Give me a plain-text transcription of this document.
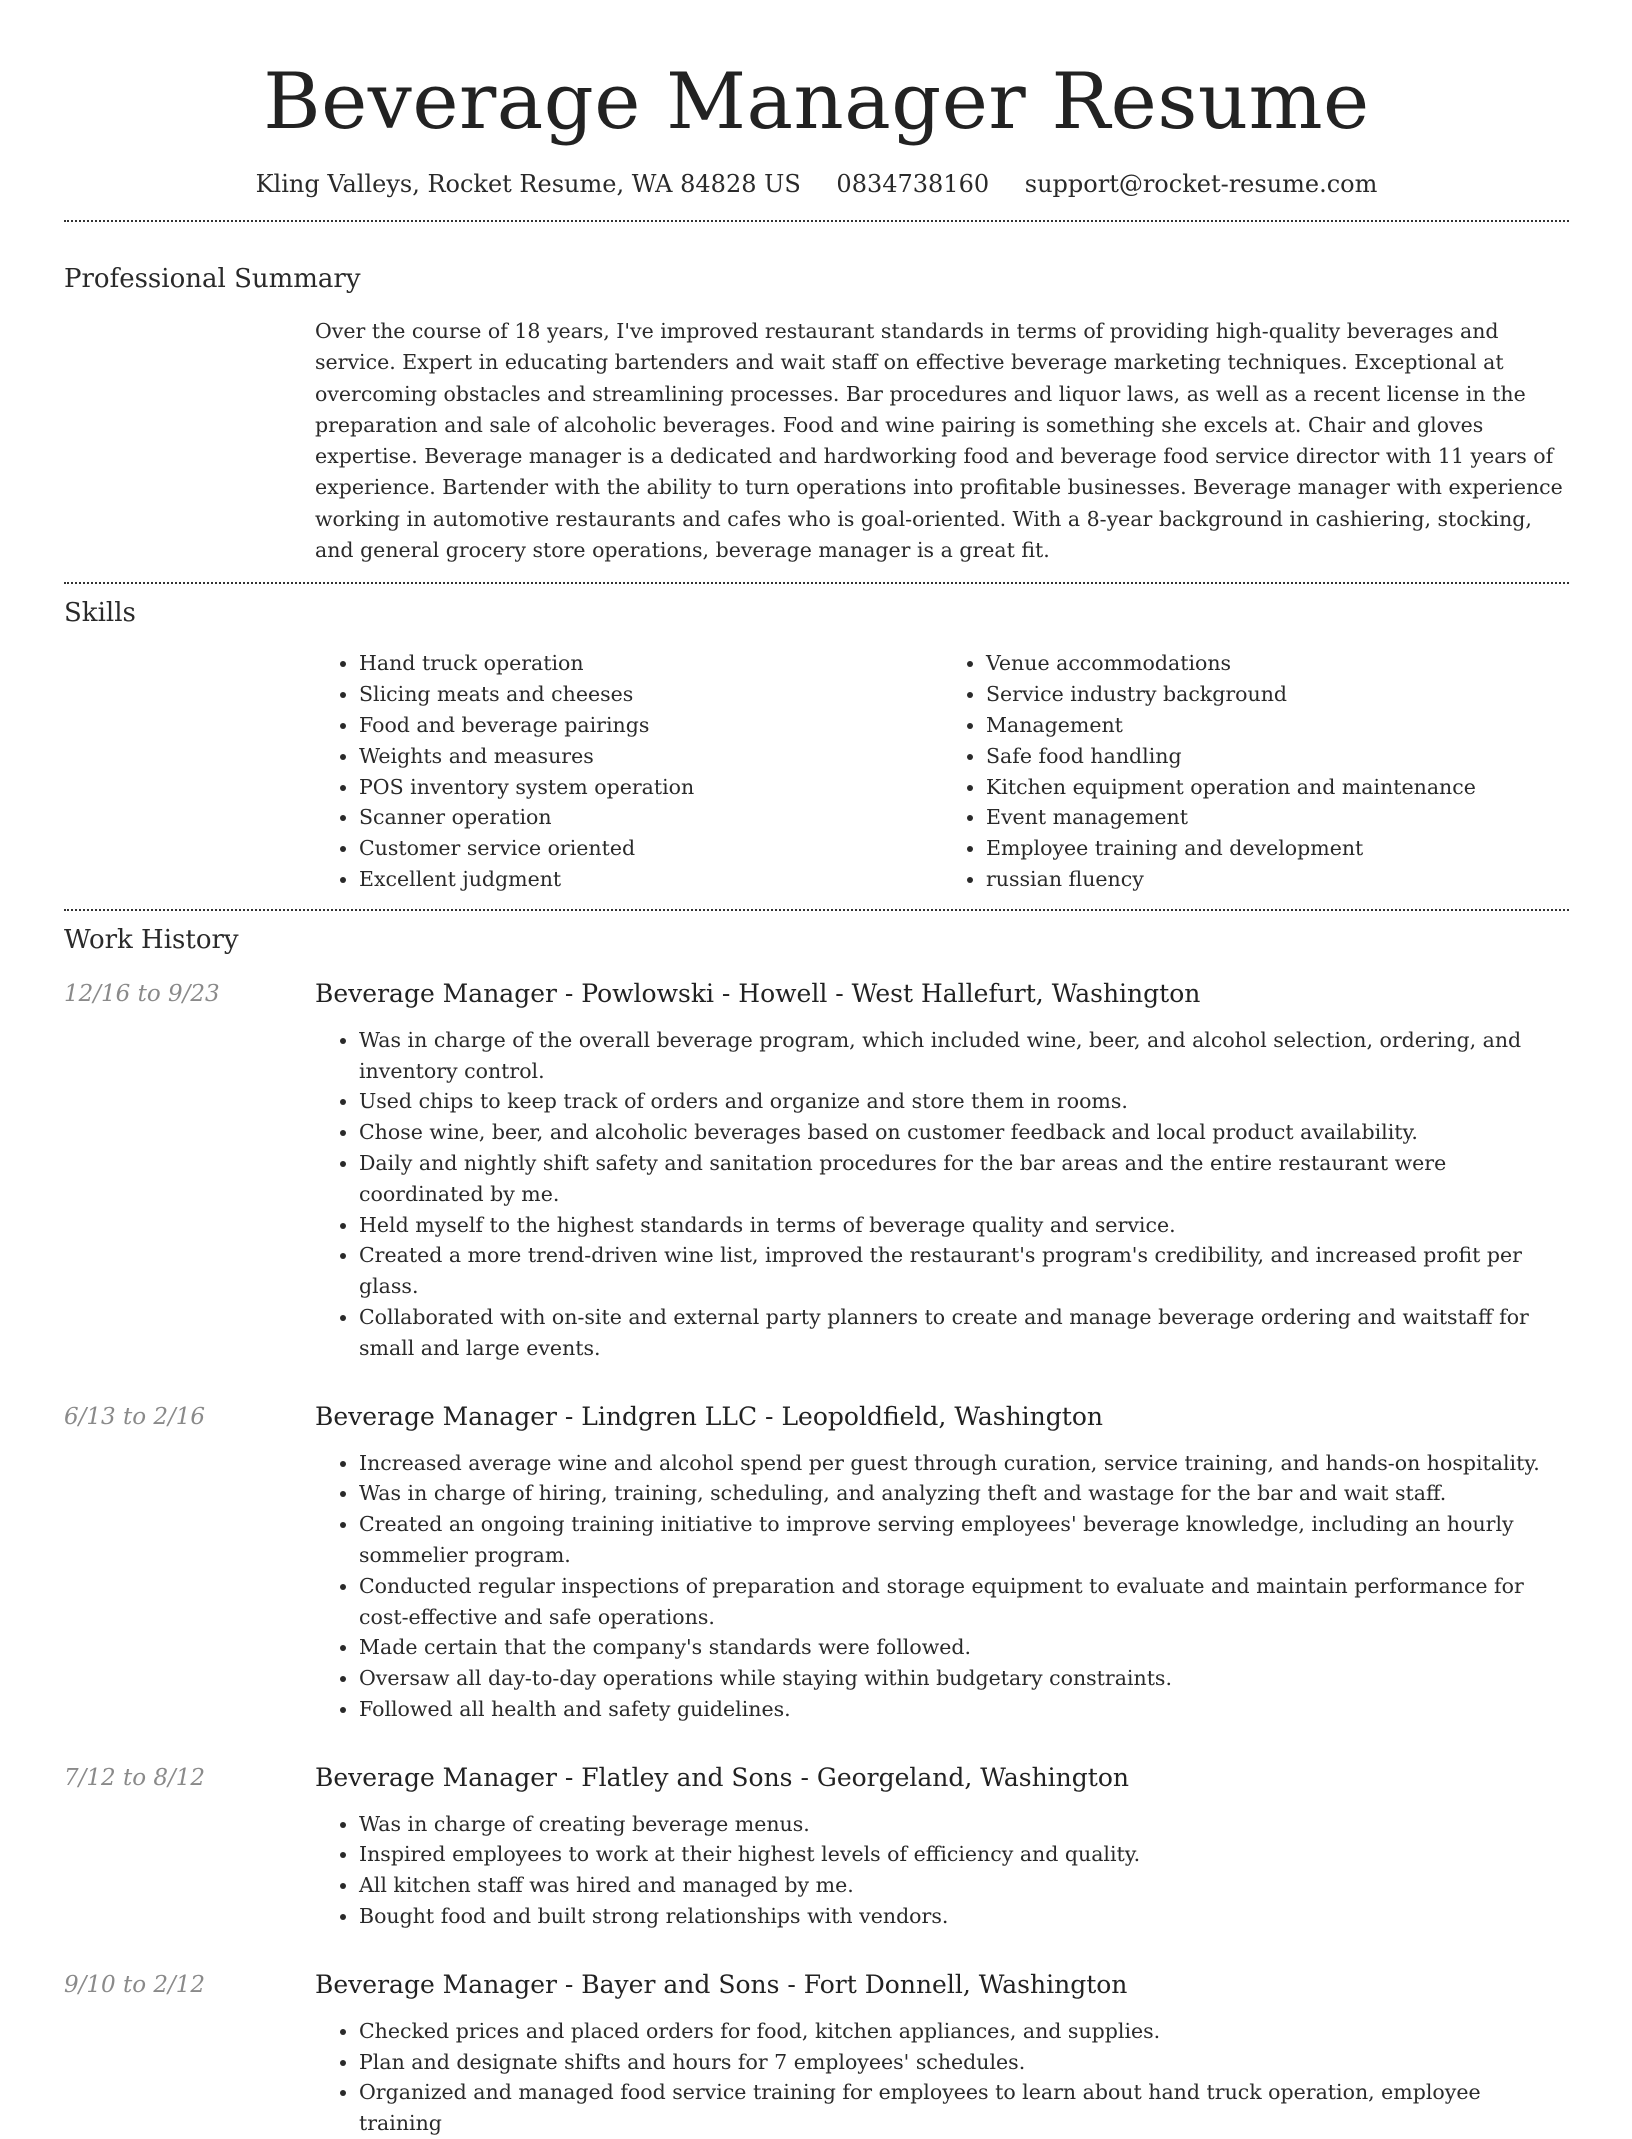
Beverage Manager Resume
Kling Valleys, Rocket Resume, WA 84828 US 0834738160 support@rocket-resume.com
Professional Summary

Over the course of 18 years, I've improved restaurant standards in terms of providing high-quality beverages and service. Expert in educating bartenders and wait staff on effective beverage marketing techniques. Exceptional at overcoming obstacles and streamlining processes. Bar procedures and liquor laws, as well as a recent license in the preparation and sale of alcoholic beverages. Food and wine pairing is something she excels at. Chair and gloves expertise. Beverage manager is a dedicated and hardworking food and beverage food service director with 11 years of experience. Bartender with the ability to turn operations into profitable businesses. Beverage manager with experience working in automotive restaurants and cafes who is goal-oriented. With a 8-year background in cashiering, stocking, and general grocery store operations, beverage manager is a great fit.

Skills
• Hand truck operation
• Slicing meats and cheeses
• Food and beverage pairings
• Weights and measures
• POS inventory system operation
• Scanner operation
• Customer service oriented
• Excellent judgment
• Venue accommodations
• Service industry background
• Management
• Safe food handling
• Kitchen equipment operation and maintenance
• Event management
• Employee training and development
• russian fluency
Work History
12/16 to 9/23	Beverage Manager - Powlowski - Howell - West Hallefurt, Washington
• Was in charge of the overall beverage program, which included wine, beer, and alcohol selection, ordering, and inventory control.
• Used chips to keep track of orders and organize and store them in rooms.
• Chose wine, beer, and alcoholic beverages based on customer feedback and local product availability.
• Daily and nightly shift safety and sanitation procedures for the bar areas and the entire restaurant were coordinated by me.
• Held myself to the highest standards in terms of beverage quality and service.
• Created a more trend-driven wine list, improved the restaurant's program's credibility, and increased profit per glass.
• Collaborated with on-site and external party planners to create and manage beverage ordering and waitstaff for small and large events.
6/13 to 2/16	Beverage Manager - Lindgren LLC - Leopoldfield, Washington
• Increased average wine and alcohol spend per guest through curation, service training, and hands-on hospitality.
• Was in charge of hiring, training, scheduling, and analyzing theft and wastage for the bar and wait staff.
• Created an ongoing training initiative to improve serving employees' beverage knowledge, including an hourly sommelier program.
• Conducted regular inspections of preparation and storage equipment to evaluate and maintain performance for cost-effective and safe operations.
• Made certain that the company's standards were followed.
• Oversaw all day-to-day operations while staying within budgetary constraints.
• Followed all health and safety guidelines.
7/12 to 8/12	Beverage Manager - Flatley and Sons - Georgeland, Washington
• Was in charge of creating beverage menus.
• Inspired employees to work at their highest levels of efficiency and quality.
• All kitchen staff was hired and managed by me.
• Bought food and built strong relationships with vendors.
9/10 to 2/12	Beverage Manager - Bayer and Sons - Fort Donnell, Washington
• Checked prices and placed orders for food, kitchen appliances, and supplies.
• Plan and designate shifts and hours for 7 employees' schedules.
• Organized and managed food service training for employees to learn about hand truck operation, employee training
